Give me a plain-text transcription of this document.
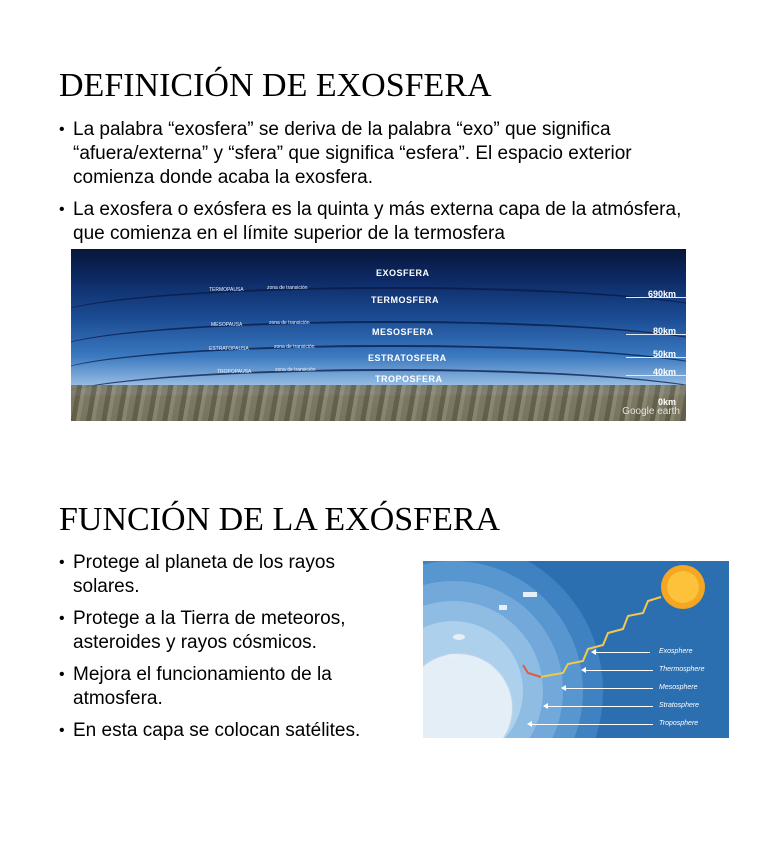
DEFINICIÓN DE EXOSFERA
• La palabra “exosfera” se deriva de la palabra “exo” que significa “afuera/externa” y “sfera” que significa “esfera”. El espacio exterior comienza donde acaba la exosfera.
• La exosfera o exósfera es la quinta y más externa capa de la atmósfera, que comienza en el límite superior de la termosfera
EXOSFERA
TERMOSFERA
MESOSFERA
ESTRATOSFERA
TROPOSFERA
TERMOPAUSA	zona de transición
MESOPAUSA	zona de transición
ESTRATOPAUSA	zona de transición
TROPOPAUSA	zona de transición
690km
80km
50km
40km
0km
Google earth
FUNCIÓN DE LA EXÓSFERA
• Protege al planeta de los rayos solares.
• Protege a la Tierra de meteoros, asteroides y rayos cósmicos.
• Mejora el funcionamiento de la atmosfera.
• En esta capa se colocan satélites.
Exosphere
Thermosphere
Mesosphere
Stratosphere
Troposphere
